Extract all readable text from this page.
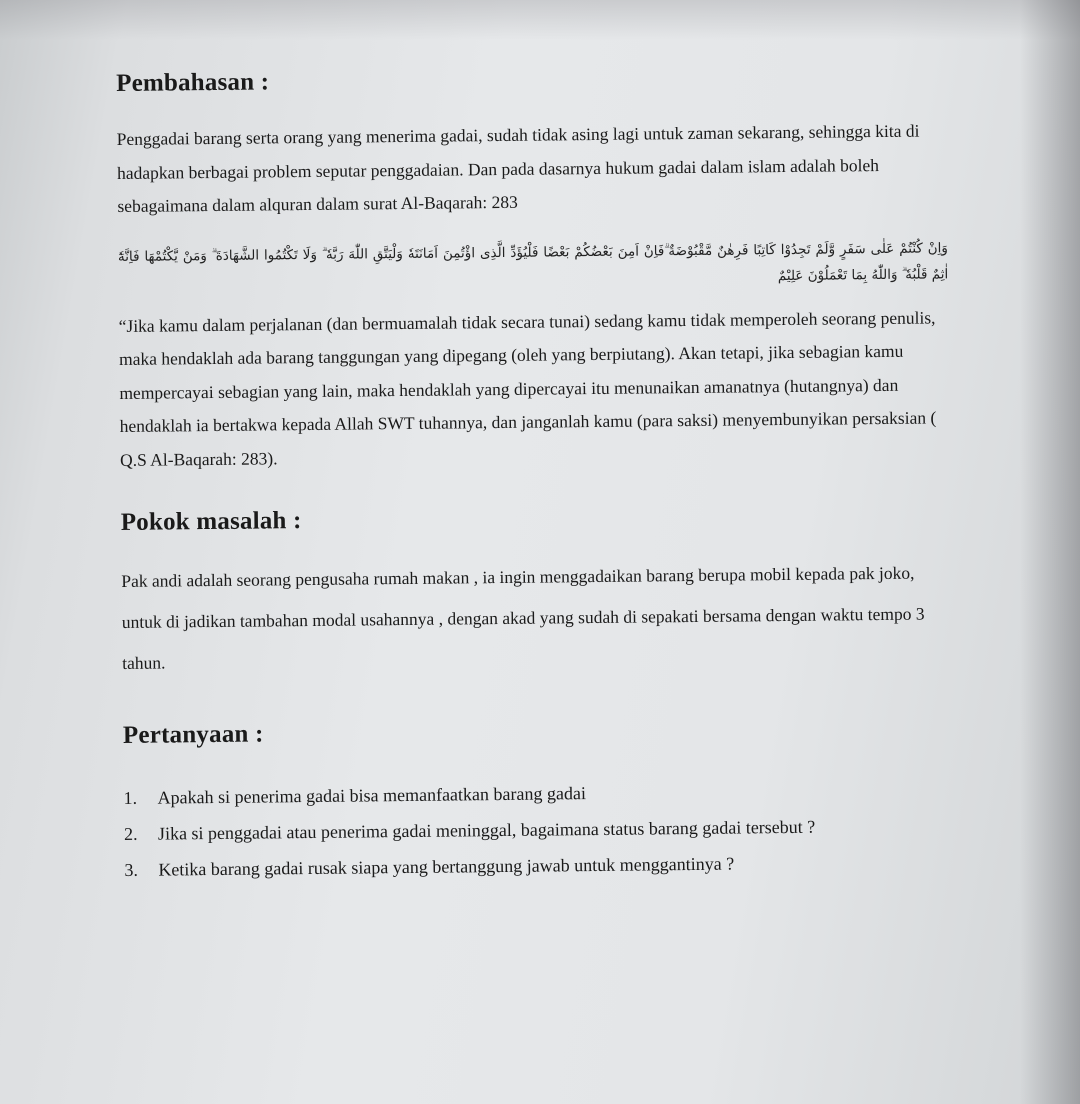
Pembahasan :

Penggadai barang serta orang yang menerima gadai, sudah tidak asing lagi untuk zaman sekarang, sehingga kita di hadapkan berbagai problem seputar penggadaian. Dan pada dasarnya hukum gadai dalam islam adalah boleh sebagaimana dalam alquran dalam surat Al-Baqarah: 283

وَاِنْ كُنْتُمْ عَلٰى سَفَرٍ وَّلَمْ تَجِدُوْا كَاتِبًا فَرِهٰنٌ مَّقْبُوْضَةٌ ۗفَاِنْ اَمِنَ بَعْضُكُمْ بَعْضًا فَلْيُؤَدِّ الَّذِى اؤْتُمِنَ اَمَانَتَهٗ وَلْيَتَّقِ اللّٰهَ رَبَّهٗ ۗ وَلَا تَكْتُمُوا الشَّهَادَةَ ۗ وَمَنْ يَّكْتُمْهَا فَاِنَّهٗٓ اٰثِمٌ قَلْبُهٗ ۗ وَاللّٰهُ بِمَا تَعْمَلُوْنَ عَلِيْمٌ

“Jika kamu dalam perjalanan (dan bermuamalah tidak secara tunai) sedang kamu tidak memperoleh seorang penulis, maka hendaklah ada barang tanggungan yang dipegang (oleh yang berpiutang). Akan tetapi, jika sebagian kamu mempercayai sebagian yang lain, maka hendaklah yang dipercayai itu menunaikan amanatnya (hutangnya) dan hendaklah ia bertakwa kepada Allah SWT tuhannya, dan janganlah kamu (para saksi) menyembunyikan persaksian ( Q.S Al-Baqarah: 283).

Pokok masalah :

Pak andi adalah seorang pengusaha rumah makan , ia ingin menggadaikan barang berupa mobil kepada pak joko, untuk di jadikan tambahan modal usahannya , dengan akad yang sudah di sepakati bersama dengan waktu tempo 3 tahun.

Pertanyaan :
1.	Apakah si penerima gadai bisa memanfaatkan barang gadai
2.	Jika si penggadai atau penerima gadai meninggal, bagaimana status barang gadai tersebut ?
3.	Ketika barang gadai rusak siapa yang bertanggung jawab untuk menggantinya ?
